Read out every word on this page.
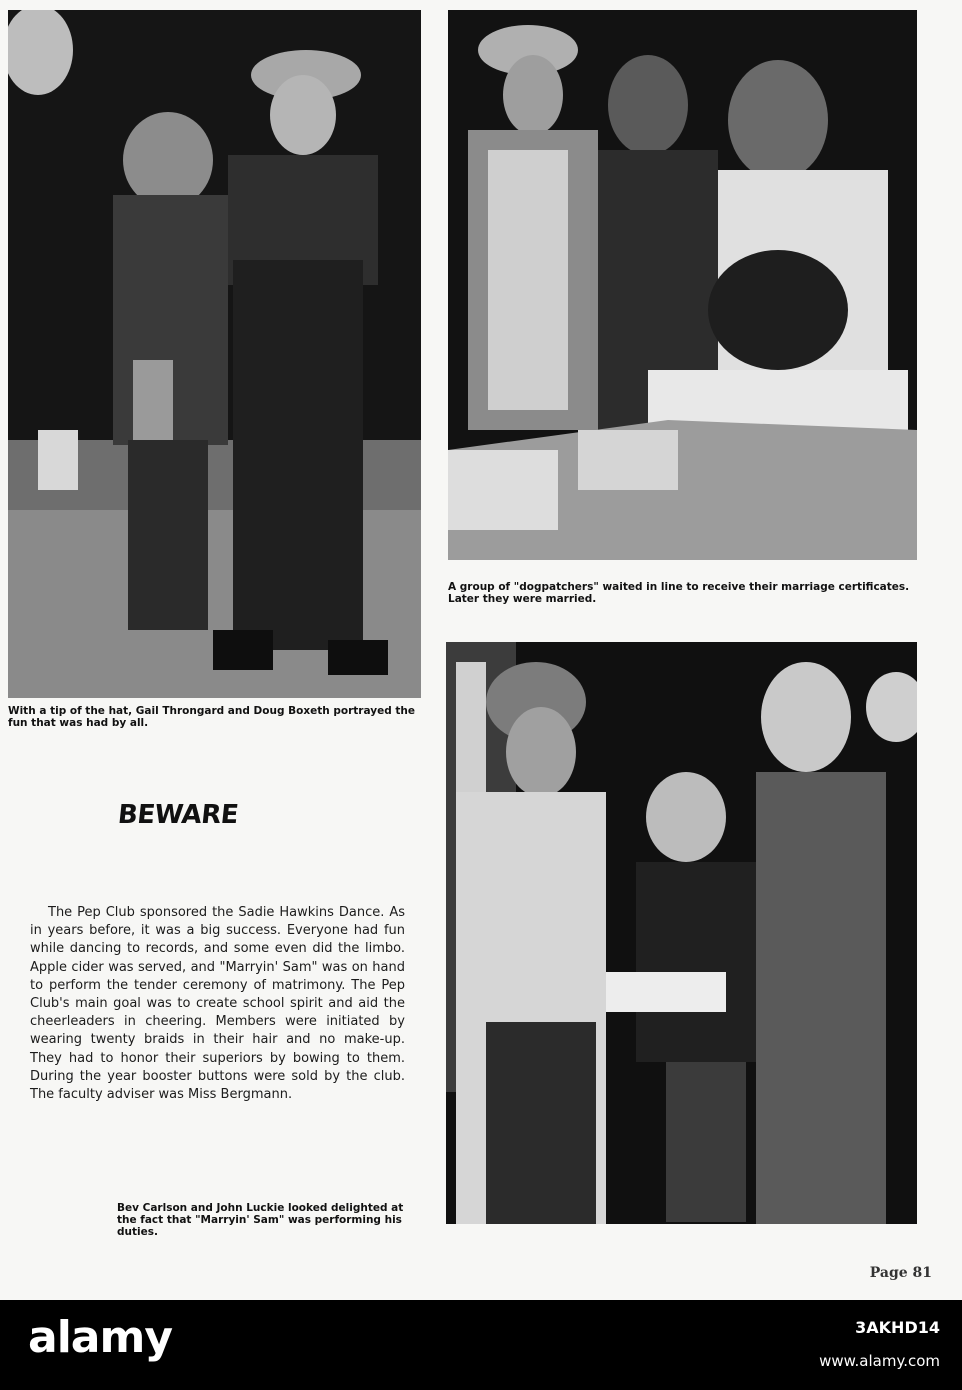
With a tip of the hat, Gail Throngard and Doug Boxeth portrayed the fun that was had by all.
A group of "dogpatchers" waited in line to receive their marriage certificates. Later they were married.
Bev Carlson and John Luckie looked delighted at the fact that "Marryin' Sam" was performing his duties.
BEWARE
The Pep Club sponsored the Sadie Hawkins Dance. As in years before, it was a big success. Everyone had fun while dancing to records, and some even did the limbo. Apple cider was served, and "Marryin' Sam" was on hand to perform the tender ceremony of matrimony. The Pep Club's main goal was to create school spirit and aid the cheerleaders in cheering. Members were initiated by wearing twenty braids in their hair and no make-up. They had to honor their superiors by bowing to them. During the year booster buttons were sold by the club. The faculty adviser was Miss Bergmann.
Page 81
alamy	3AKHD14
www.alamy.com
